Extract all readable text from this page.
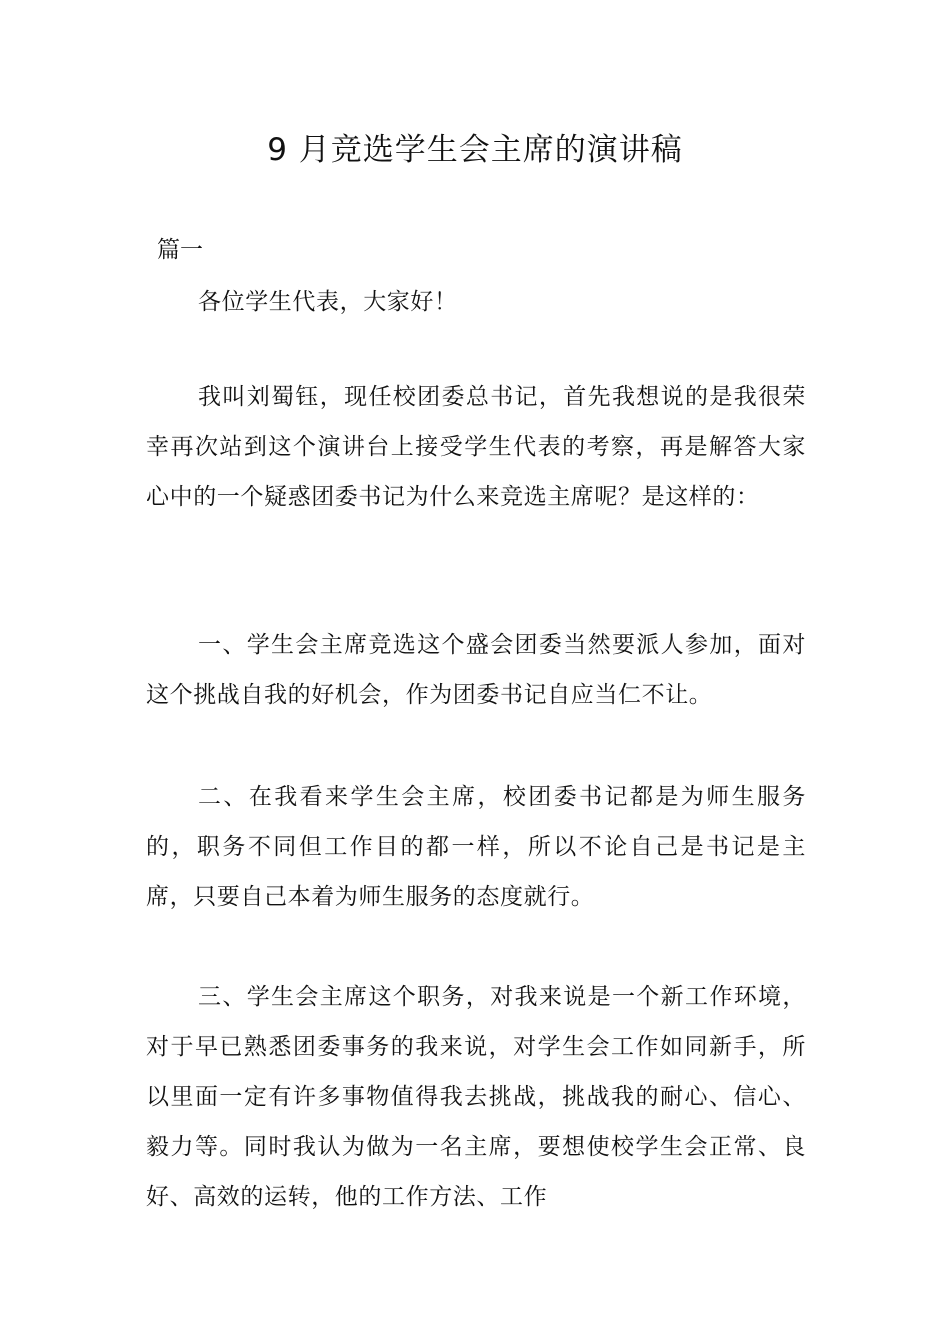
9 月竞选学生会主席的演讲稿

篇一

各位学生代表，大家好！

我叫刘蜀钰，现任校团委总书记，首先我想说的是我很荣幸再次站到这个演讲台上接受学生代表的考察，再是解答大家心中的一个疑惑团委书记为什么来竞选主席呢？是这样的：

一、学生会主席竞选这个盛会团委当然要派人参加，面对这个挑战自我的好机会，作为团委书记自应当仁不让。

二、在我看来学生会主席，校团委书记都是为师生服务的，职务不同但工作目的都一样，所以不论自己是书记是主席，只要自己本着为师生服务的态度就行。

三、学生会主席这个职务，对我来说是一个新工作环境，对于早已熟悉团委事务的我来说，对学生会工作如同新手，所以里面一定有许多事物值得我去挑战，挑战我的耐心、信心、毅力等。同时我认为做为一名主席，要想使校学生会正常、良好、高效的运转，他的工作方法、工作
